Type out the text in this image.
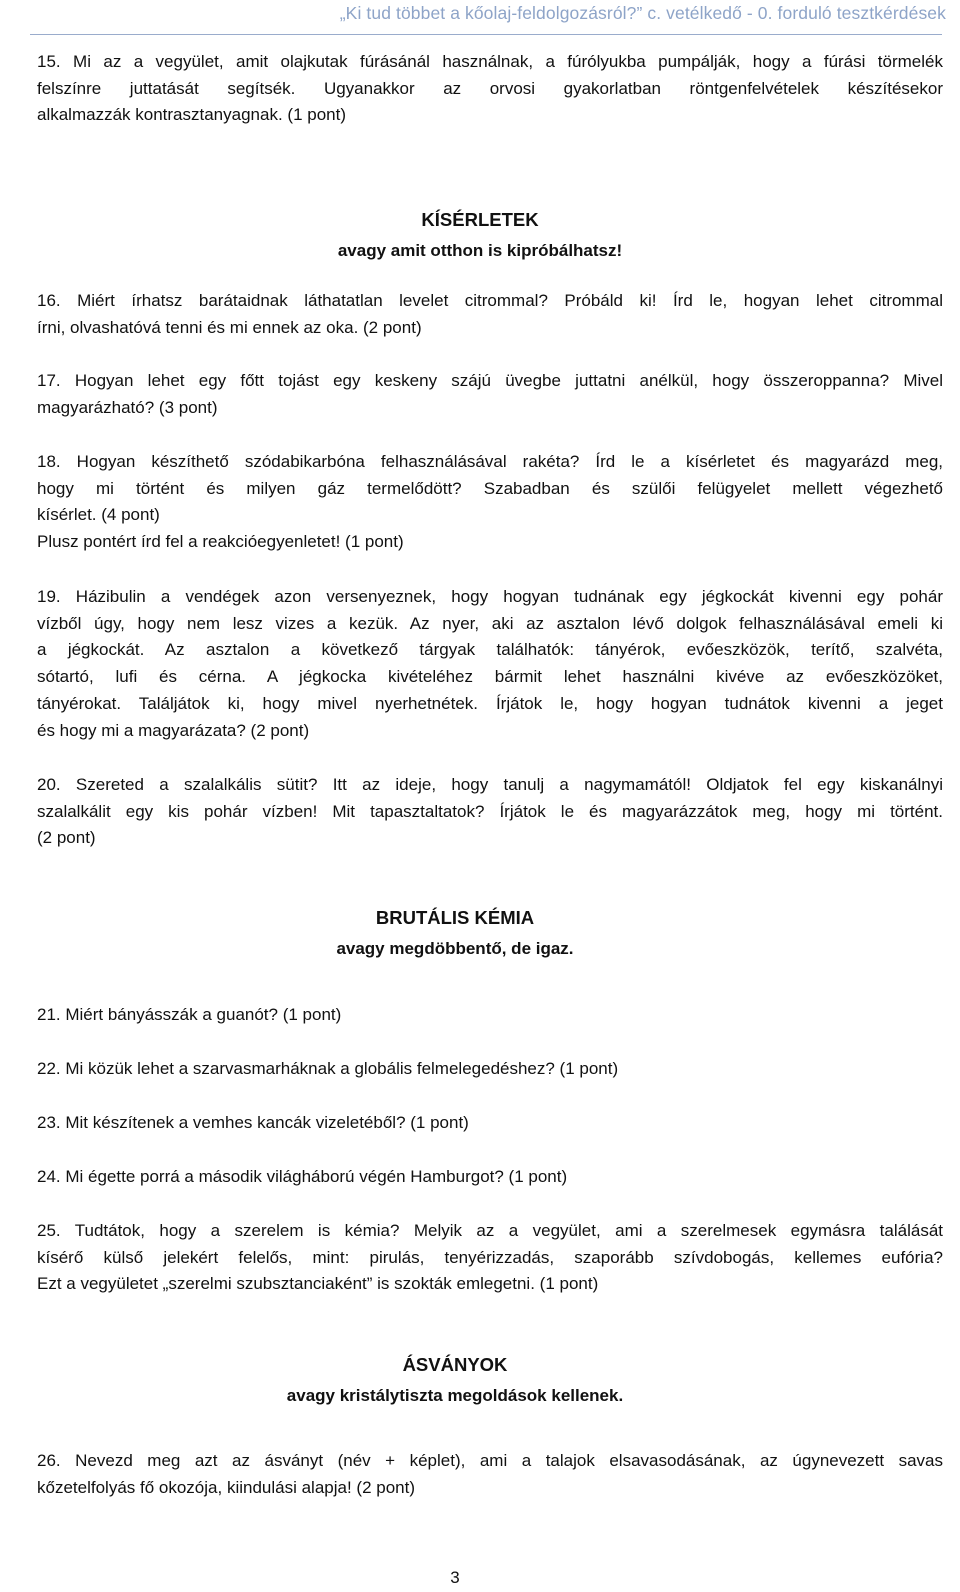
„Ki tud többet a kőolaj-feldolgozásról?” c. vetélkedő - 0. forduló tesztkérdések
15. Mi az a vegyület, amit olajkutak fúrásánál használnak, a fúrólyukba pumpálják, hogy a fúrási törmelék
felszínre juttatását segítsék. Ugyanakkor az orvosi gyakorlatban röntgenfelvételek készítésekor
alkalmazzák kontrasztanyagnak. (1 pont)
KÍSÉRLETEK
avagy amit otthon is kipróbálhatsz!
16. Miért írhatsz barátaidnak láthatatlan levelet citrommal? Próbáld ki! Írd le, hogyan lehet citrommal
írni, olvashatóvá tenni és mi ennek az oka. (2 pont)
17. Hogyan lehet egy főtt tojást egy keskeny szájú üvegbe juttatni anélkül, hogy összeroppanna? Mivel
magyarázható? (3 pont)
18. Hogyan készíthető szódabikarbóna felhasználásával rakéta? Írd le a kísérletet és magyarázd meg,
hogy mi történt és milyen gáz termelődött? Szabadban és szülői felügyelet mellett végezhető
kísérlet. (4 pont)
Plusz pontért írd fel a reakcióegyenletet! (1 pont)
19. Házibulin a vendégek azon versenyeznek, hogy hogyan tudnának egy jégkockát kivenni egy pohár
vízből úgy, hogy nem lesz vizes a kezük. Az nyer, aki az asztalon lévő dolgok felhasználásával emeli ki
a jégkockát. Az asztalon a következő tárgyak találhatók: tányérok, evőeszközök, terítő, szalvéta,
sótartó, lufi és cérna. A jégkocka kivételéhez bármit lehet használni kivéve az evőeszközöket,
tányérokat. Találjátok ki, hogy mivel nyerhetnétek. Írjátok le, hogy hogyan tudnátok kivenni a jeget
és hogy mi a magyarázata? (2 pont)
20. Szereted a szalalkális sütit? Itt az ideje, hogy tanulj a nagymamától! Oldjatok fel egy kiskanálnyi
szalalkálit egy kis pohár vízben! Mit tapasztaltatok? Írjátok le és magyarázzátok meg, hogy mi történt.
(2 pont)
BRUTÁLIS KÉMIA
avagy megdöbbentő, de igaz.
21. Miért bányásszák a guanót? (1 pont)
22. Mi közük lehet a szarvasmarháknak a globális felmelegedéshez? (1 pont)
23. Mit készítenek a vemhes kancák vizeletéből? (1 pont)
24. Mi égette porrá a második világháború végén Hamburgot? (1 pont)
25. Tudtátok, hogy a szerelem is kémia? Melyik az a vegyület, ami a szerelmesek egymásra találását
kísérő külső jelekért felelős, mint: pirulás, tenyérizzadás, szaporább szívdobogás, kellemes eufória?
Ezt a vegyületet „szerelmi szubsztanciaként” is szokták emlegetni. (1 pont)
ÁSVÁNYOK
avagy kristálytiszta megoldások kellenek.
26. Nevezd meg azt az ásványt (név + képlet), ami a talajok elsavasodásának, az úgynevezett savas
kőzetelfolyás fő okozója, kiindulási alapja! (2 pont)
3
